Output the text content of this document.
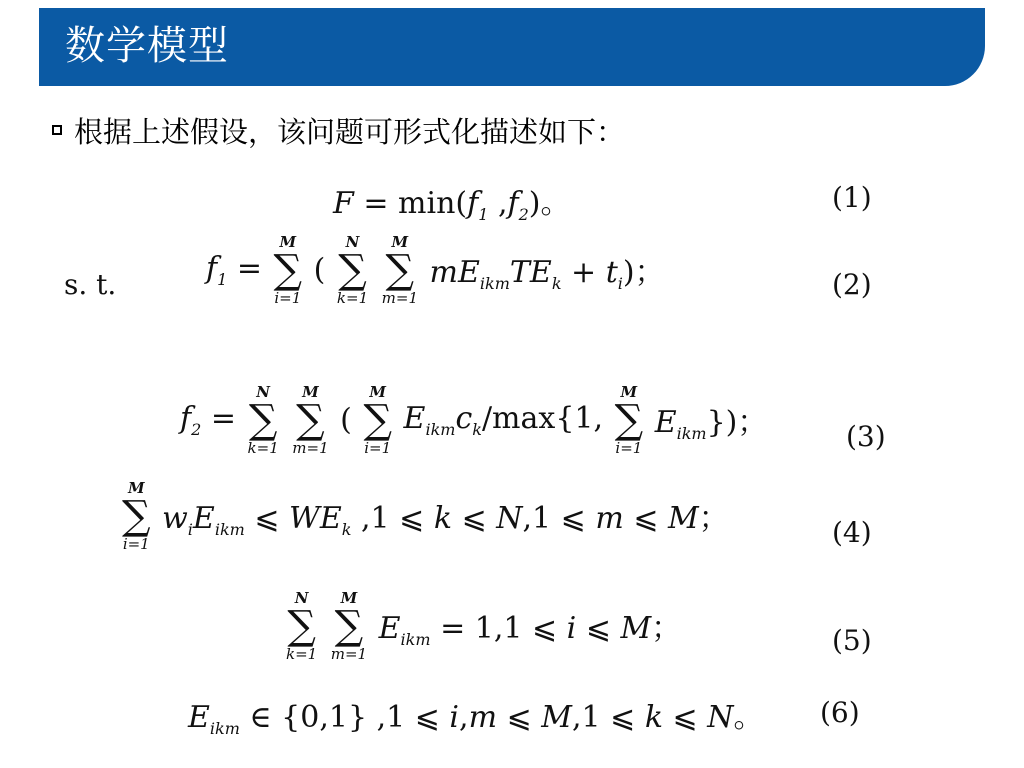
数学模型
根据上述假设，该问题可形式化描述如下：
$F = \min(f_1$ $,f_2$)。	(1)
s. t.	$f_1$ =
M
∑
i=1
(
N
∑
k=1

M
∑
m=1
$mE_{ikm}TE_k + t_i$)；	(2)
$f_2$ =
N
∑
k=1

M
∑
m=1
(
M
∑
i=1
$E_{ikm}c_k/\max\{1$,
M
∑
i=1
$E_{ikm}$})；	(3)
M
∑
i=1
$w_iE_{ikm}$ ⩽ $WE_k$ ,1 ⩽ k ⩽ N,1 ⩽ m ⩽ M；	(4)
N
∑
k=1

M
∑
m=1
$E_{ikm} = 1,1$ ⩽ i ⩽ M；	(5)
$E_{ikm}$ ∈ {0,1} ,1 ⩽ i,m ⩽ M,1 ⩽ k ⩽ N。 (6)
